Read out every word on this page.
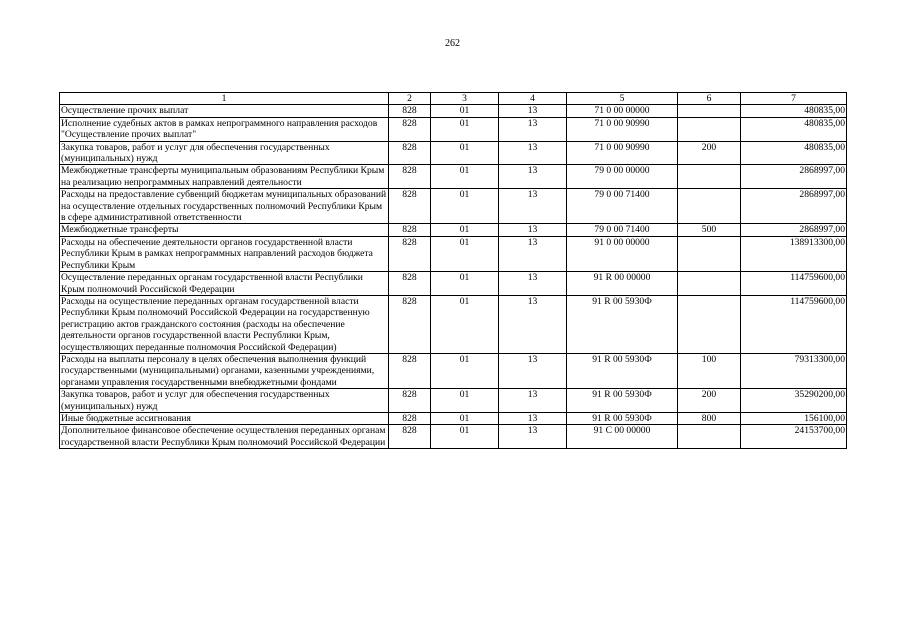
262
1	2	3	4	5	6	7
Осуществление прочих выплат	828	01	13	71 0 00 00000		480835,00
Исполнение судебных актов в рамках непрограммного направления расходов "Осуществление прочих выплат"	828	01	13	71 0 00 90990		480835,00
Закупка товаров, работ и услуг для обеспечения государственных (муниципальных) нужд	828	01	13	71 0 00 90990	200	480835,00
Межбюджетные трансферты муниципальным образованиям Республики Крым на реализацию непрограммных направлений деятельности	828	01	13	79 0 00 00000		2868997,00
Расходы на предоставление субвенций бюджетам муниципальных образований на осуществление отдельных государственных полномочий Республики Крым в сфере административной ответственности	828	01	13	79 0 00 71400		2868997,00
Межбюджетные трансферты	828	01	13	79 0 00 71400	500	2868997,00
Расходы на обеспечение деятельности органов государственной власти Республики Крым в рамках непрограммных направлений расходов бюджета Республики Крым	828	01	13	91 0 00 00000		138913300,00
Осуществление переданных органам государственной власти Республики Крым полномочий Российской Федерации	828	01	13	91 R 00 00000		114759600,00
Расходы на осуществление переданных органам государственной власти Республики Крым полномочий Российской Федерации на государственную регистрацию актов гражданского состояния (расходы на обеспечение деятельности органов государственной власти Республики Крым, осуществляющих переданные полномочия Российской Федерации)	828	01	13	91 R 00 5930Ф		114759600,00
Расходы на выплаты персоналу в целях обеспечения выполнения функций государственными (муниципальными) органами, казенными учреждениями, органами управления государственными внебюджетными фондами	828	01	13	91 R 00 5930Ф	100	79313300,00
Закупка товаров, работ и услуг для обеспечения государственных (муниципальных) нужд	828	01	13	91 R 00 5930Ф	200	35290200,00
Иные бюджетные ассигнования	828	01	13	91 R 00 5930Ф	800	156100,00
Дополнительное финансовое обеспечение осуществления переданных органам государственной власти Республики Крым полномочий Российской Федерации	828	01	13	91 С 00 00000		24153700,00
